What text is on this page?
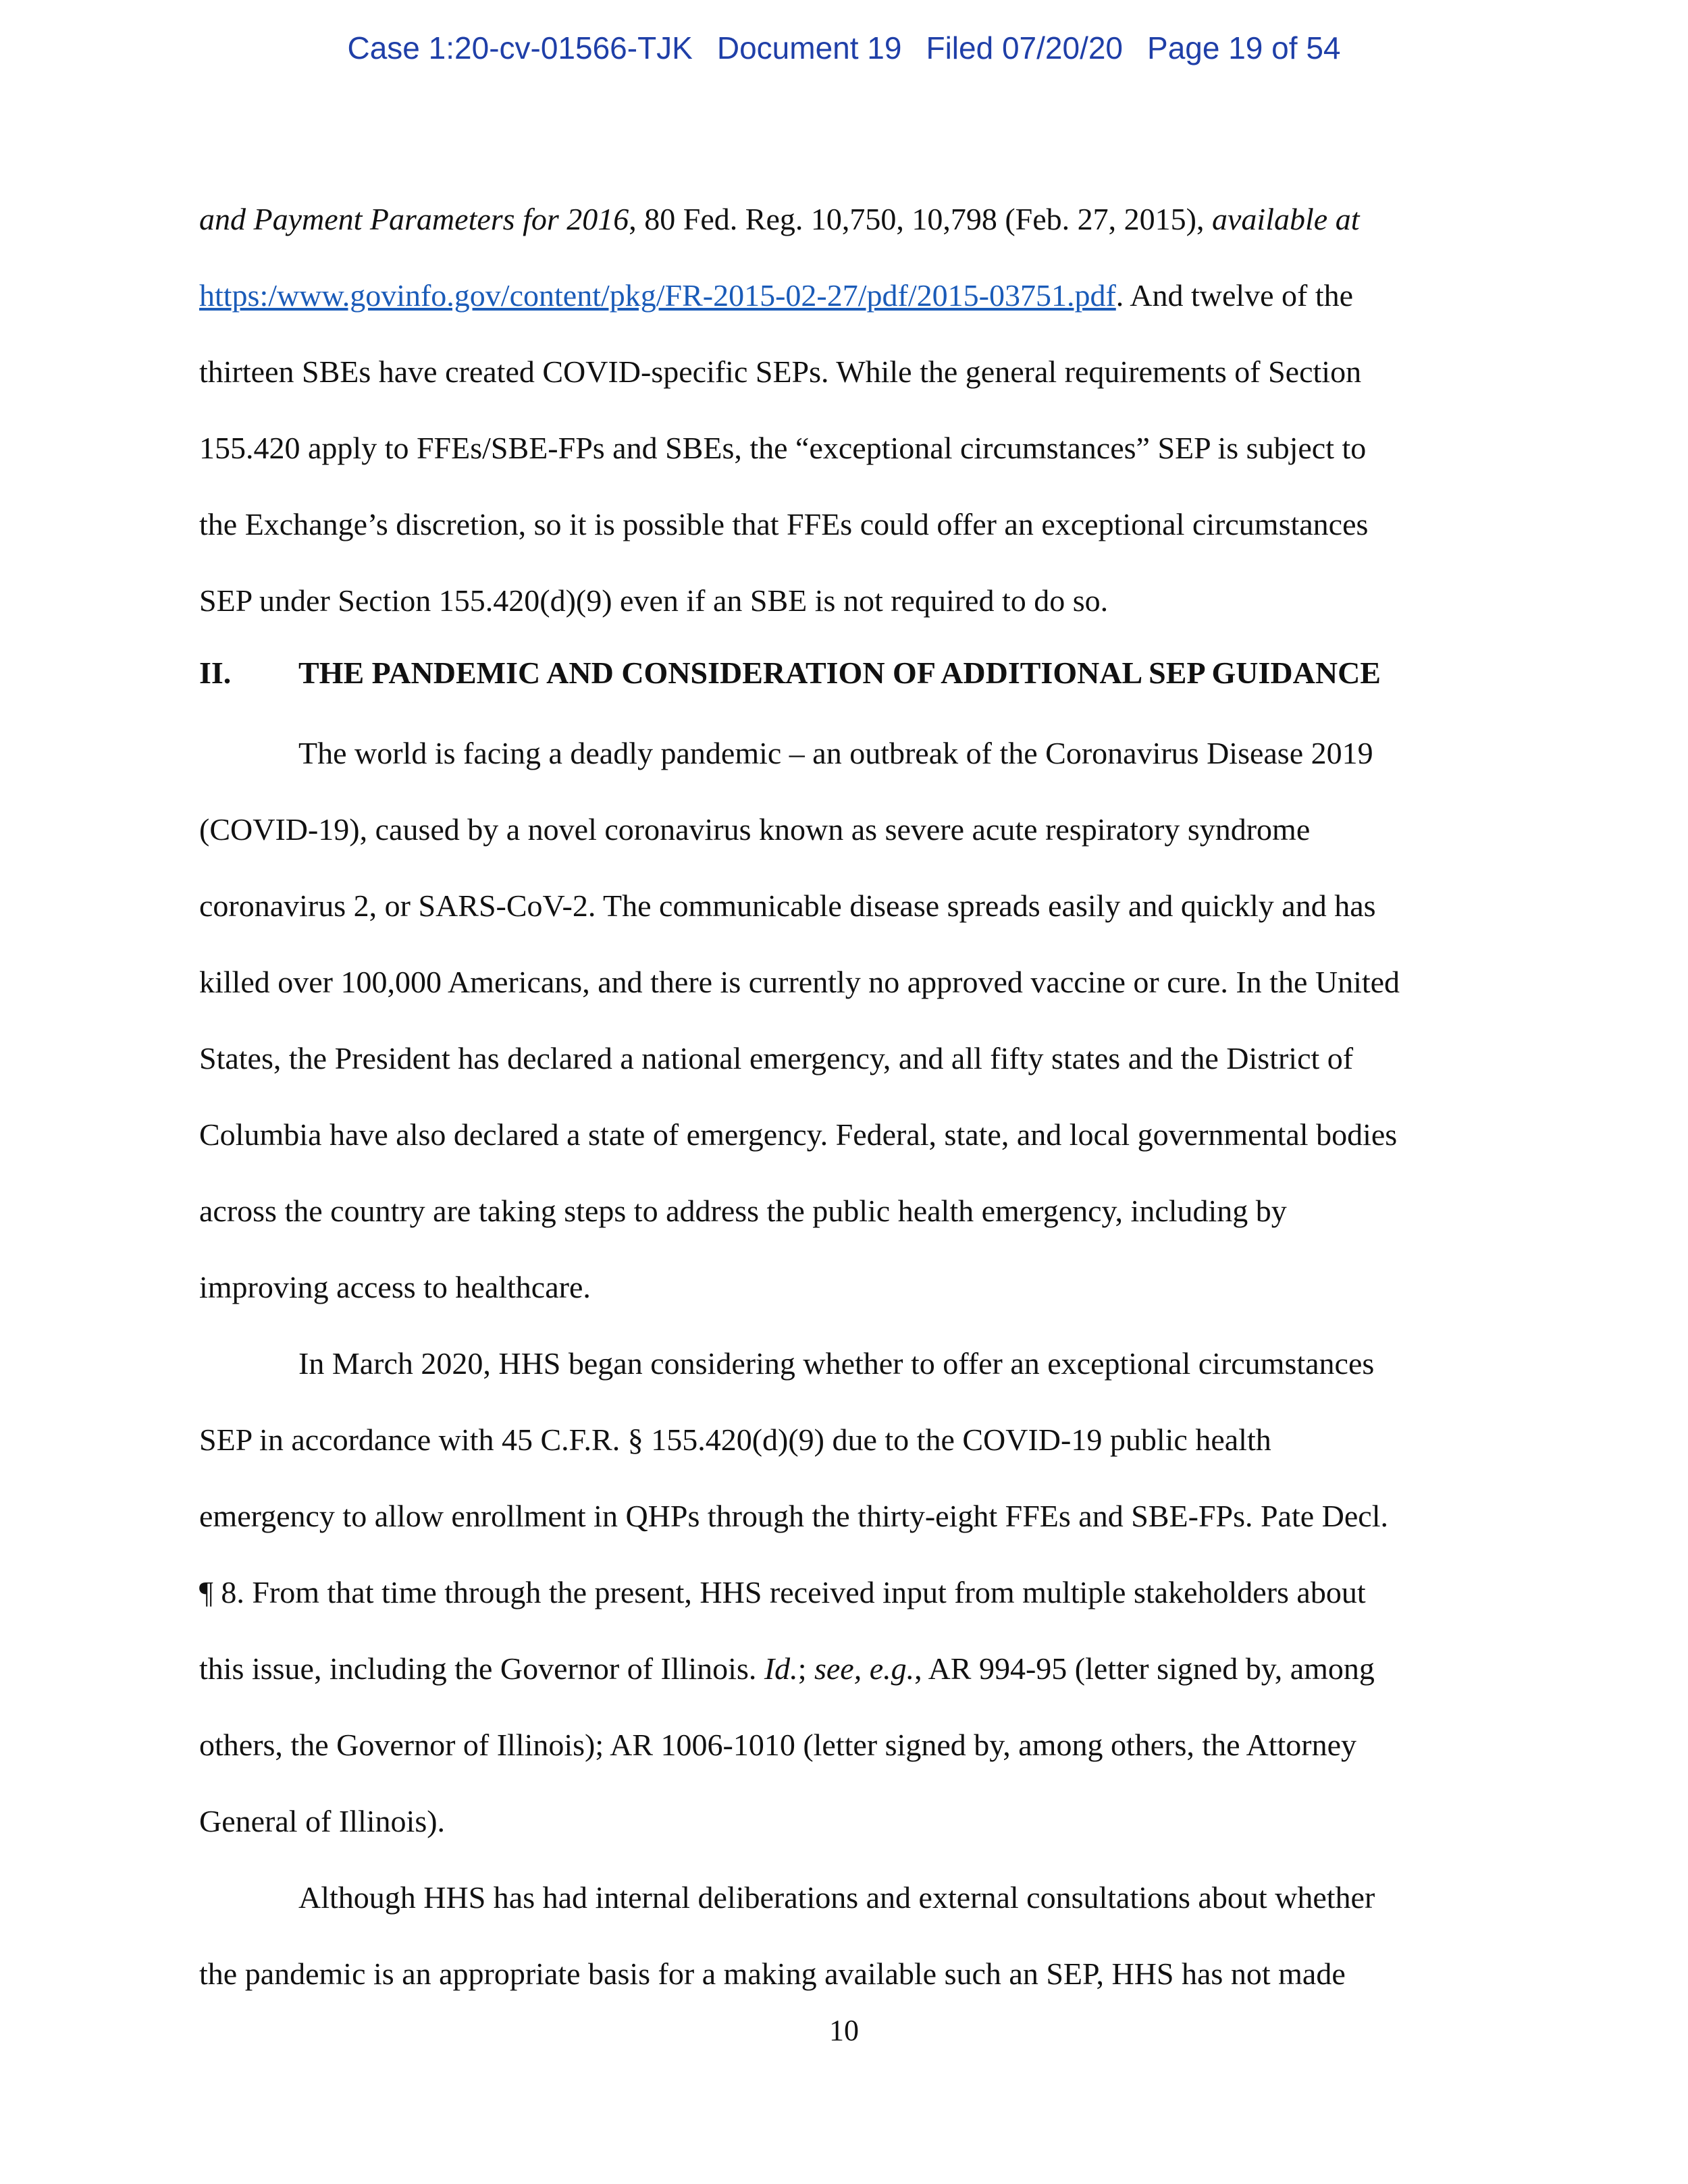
Case 1:20-cv-01566-TJK Document 19 Filed 07/20/20 Page 19 of 54
and Payment Parameters for 2016, 80 Fed. Reg. 10,750, 10,798 (Feb. 27, 2015), available at
https:/www.govinfo.gov/content/pkg/FR-2015-02-27/pdf/2015-03751.pdf. And twelve of the
thirteen SBEs have created COVID-specific SEPs. While the general requirements of Section
155.420 apply to FFEs/SBE-FPs and SBEs, the “exceptional circumstances” SEP is subject to
the Exchange’s discretion, so it is possible that FFEs could offer an exceptional circumstances
SEP under Section 155.420(d)(9) even if an SBE is not required to do so.
II. THE PANDEMIC AND CONSIDERATION OF ADDITIONAL SEP GUIDANCE
The world is facing a deadly pandemic – an outbreak of the Coronavirus Disease 2019
(COVID-19), caused by a novel coronavirus known as severe acute respiratory syndrome
coronavirus 2, or SARS-CoV-2. The communicable disease spreads easily and quickly and has
killed over 100,000 Americans, and there is currently no approved vaccine or cure. In the United
States, the President has declared a national emergency, and all fifty states and the District of
Columbia have also declared a state of emergency. Federal, state, and local governmental bodies
across the country are taking steps to address the public health emergency, including by
improving access to healthcare.
In March 2020, HHS began considering whether to offer an exceptional circumstances
SEP in accordance with 45 C.F.R. § 155.420(d)(9) due to the COVID-19 public health
emergency to allow enrollment in QHPs through the thirty-eight FFEs and SBE-FPs. Pate Decl.
¶ 8. From that time through the present, HHS received input from multiple stakeholders about
this issue, including the Governor of Illinois. Id.; see, e.g., AR 994-95 (letter signed by, among
others, the Governor of Illinois); AR 1006-1010 (letter signed by, among others, the Attorney
General of Illinois).
Although HHS has had internal deliberations and external consultations about whether
the pandemic is an appropriate basis for a making available such an SEP, HHS has not made
10
